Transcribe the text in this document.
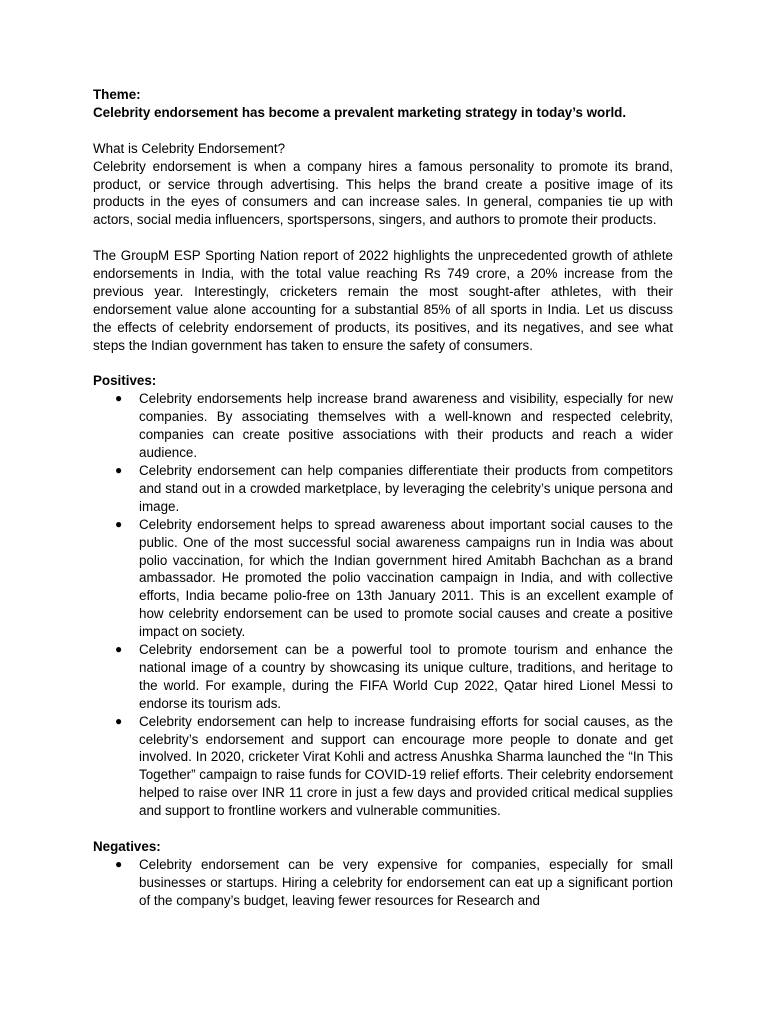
Theme:

Celebrity endorsement has become a prevalent marketing strategy in today’s world.

What is Celebrity Endorsement?

Celebrity endorsement is when a company hires a famous personality to promote its brand, product, or service through advertising. This helps the brand create a positive image of its products in the eyes of consumers and can increase sales. In general, companies tie up with actors, social media influencers, sportspersons, singers, and authors to promote their products.

The GroupM ESP Sporting Nation report of 2022 highlights the unprecedented growth of athlete endorsements in India, with the total value reaching Rs 749 crore, a 20% increase from the previous year. Interestingly, cricketers remain the most sought-after athletes, with their endorsement value alone accounting for a substantial 85% of all sports in India. Let us discuss the effects of celebrity endorsement of products, its positives, and its negatives, and see what steps the Indian government has taken to ensure the safety of consumers.

Positives:

● Celebrity endorsements help increase brand awareness and visibility, especially for new companies. By associating themselves with a well-known and respected celebrity, companies can create positive associations with their products and reach a wider audience.
● Celebrity endorsement can help companies differentiate their products from competitors and stand out in a crowded marketplace, by leveraging the celebrity’s unique persona and image.
● Celebrity endorsement helps to spread awareness about important social causes to the public. One of the most successful social awareness campaigns run in India was about polio vaccination, for which the Indian government hired Amitabh Bachchan as a brand ambassador. He promoted the polio vaccination campaign in India, and with collective efforts, India became polio-free on 13th January 2011. This is an excellent example of how celebrity endorsement can be used to promote social causes and create a positive impact on society.
● Celebrity endorsement can be a powerful tool to promote tourism and enhance the national image of a country by showcasing its unique culture, traditions, and heritage to the world. For example, during the FIFA World Cup 2022, Qatar hired Lionel Messi to endorse its tourism ads.
● Celebrity endorsement can help to increase fundraising efforts for social causes, as the celebrity’s endorsement and support can encourage more people to donate and get involved. In 2020, cricketer Virat Kohli and actress Anushka Sharma launched the “In This Together” campaign to raise funds for COVID-19 relief efforts. Their celebrity endorsement helped to raise over INR 11 crore in just a few days and provided critical medical supplies and support to frontline workers and vulnerable communities.

Negatives:

● Celebrity endorsement can be very expensive for companies, especially for small businesses or startups. Hiring a celebrity for endorsement can eat up a significant portion of the company’s budget, leaving fewer resources for Research and
